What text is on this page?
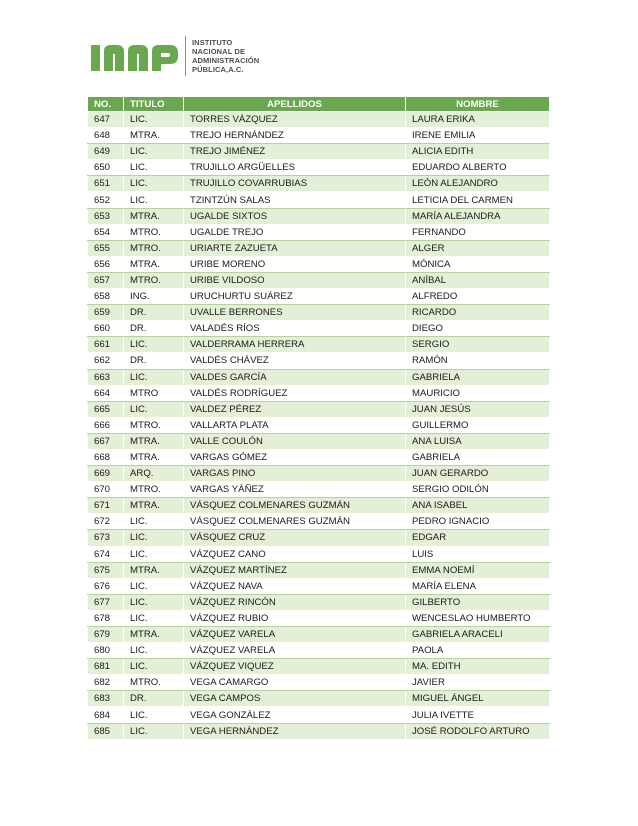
INSTITUTO
NACIONAL DE
ADMINISTRACIÓN
PÚBLICA,A.C.
NO.	TITULO	APELLIDOS	NOMBRE
647	LIC.	TORRES VÁZQUEZ	LAURA ERIKA
648	MTRA.	TREJO HERNÁNDEZ	IRENE EMILIA
649	LIC.	TREJO JIMÉNEZ	ALICIA EDITH
650	LIC.	TRUJILLO ARGÜELLES	EDUARDO ALBERTO
651	LIC.	TRUJILLO COVARRUBIAS	LEÓN ALEJANDRO
652	LIC.	TZINTZÚN SALAS	LETICIA DEL CARMEN
653	MTRA.	UGALDE SIXTOS	MARÍA ALEJANDRA
654	MTRO.	UGALDE TREJO	FERNANDO
655	MTRO.	URIARTE ZAZUETA	ALGER
656	MTRA.	URIBE MORENO	MÓNICA
657	MTRO.	URIBE VILDOSO	ANÍBAL
658	ING.	URUCHURTU SUÁREZ	ALFREDO
659	DR.	UVALLE BERRONES	RICARDO
660	DR.	VALADÉS RÍOS	DIEGO
661	LIC.	VALDERRAMA HERRERA	SERGIO
662	DR.	VALDÉS CHÁVEZ	RAMÓN
663	LIC.	VALDES GARCÍA	GABRIELA
664	MTRO	VALDÉS RODRÍGUEZ	MAURICIO
665	LIC.	VALDEZ PÉREZ	JUAN JESÚS
666	MTRO.	VALLARTA PLATA	GUILLERMO
667	MTRA.	VALLE COULÓN	ANA LUISA
668	MTRA.	VARGAS GÓMEZ	GABRIELA
669	ARQ.	VARGAS PINO	JUAN GERARDO
670	MTRO.	VARGAS YÁÑEZ	SERGIO ODILÓN
671	MTRA.	VÁSQUEZ COLMENARES GUZMÁN	ANA ISABEL
672	LIC.	VÁSQUEZ COLMENARES GUZMÁN	PEDRO IGNACIO
673	LIC.	VÁSQUEZ CRUZ	EDGAR
674	LIC.	VÁZQUEZ CANO	LUIS
675	MTRA.	VÁZQUEZ MARTÍNEZ	EMMA NOEMÍ
676	LIC.	VÁZQUEZ NAVA	MARÍA ELENA
677	LIC.	VÁZQUEZ RINCÓN	GILBERTO
678	LIC.	VÁZQUEZ RUBIO	WENCESLAO HUMBERTO
679	MTRA.	VÁZQUEZ VARELA	GABRIELA ARACELI
680	LIC.	VÁZQUEZ VARELA	PAOLA
681	LIC.	VÁZQUEZ VIQUEZ	MA. EDITH
682	MTRO.	VEGA CAMARGO	JAVIER
683	DR.	VEGA CAMPOS	MIGUEL ÁNGEL
684	LIC.	VEGA GONZÁLEZ	JULIA IVETTE
685	LIC.	VEGA HERNÁNDEZ	JOSÉ RODOLFO ARTURO
